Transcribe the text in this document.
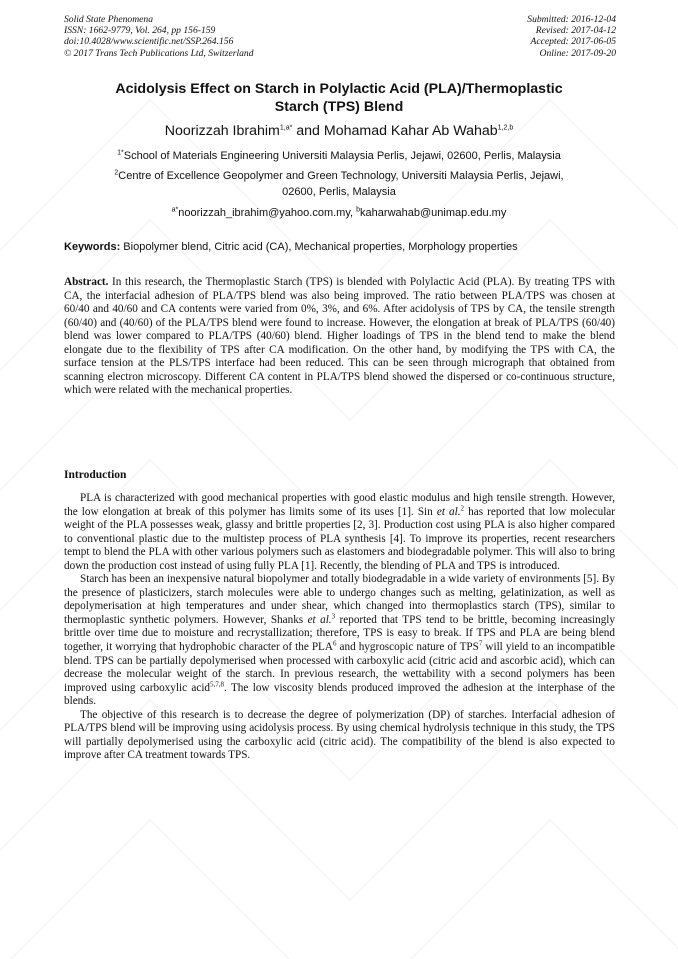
Solid State Phenomena
ISSN: 1662-9779, Vol. 264, pp 156-159
doi:10.4028/www.scientific.net/SSP.264.156
© 2017 Trans Tech Publications Ltd, Switzerland
Submitted: 2016-12-04
Revised: 2017-04-12
Accepted: 2017-06-05
Online: 2017-09-20
Acidolysis Effect on Starch in Polylactic Acid (PLA)/Thermoplastic
Starch (TPS) Blend
Noorizzah Ibrahim$^{1,a*}$ and Mohamad Kahar Ab Wahab$^{1,2,b}$
$^{1*}$School of Materials Engineering Universiti Malaysia Perlis, Jejawi, 02600, Perlis, Malaysia
$^2$Centre of Excellence Geopolymer and Green Technology, Universiti Malaysia Perlis, Jejawi,
02600, Perlis, Malaysia
$^{a*}$noorizzah_ibrahim@yahoo.com.my, $^b$kaharwahab@unimap.edu.my
Keywords: Biopolymer blend, Citric acid (CA), Mechanical properties, Morphology properties
Abstract. In this research, the Thermoplastic Starch (TPS) is blended with Polylactic Acid (PLA). By treating TPS with CA, the interfacial adhesion of PLA/TPS blend was also being improved. The ratio between PLA/TPS was chosen at 60/40 and 40/60 and CA contents were varied from 0%, 3%, and 6%. After acidolysis of TPS by CA, the tensile strength (60/40) and (40/60) of the PLA/TPS blend were found to increase. However, the elongation at break of PLA/TPS (60/40) blend was lower compared to PLA/TPS (40/60) blend. Higher loadings of TPS in the blend tend to make the blend elongate due to the flexibility of TPS after CA modification. On the other hand, by modifying the TPS with CA, the surface tension at the PLS/TPS interface had been reduced. This can be seen through micrograph that obtained from scanning electron microscopy. Different CA content in PLA/TPS blend showed the dispersed or co-continuous structure, which were related with the mechanical properties.
Introduction

PLA is characterized with good mechanical properties with good elastic modulus and high tensile strength. However, the low elongation at break of this polymer has limits some of its uses [1]. Sin et al.$^2$ has reported that low molecular weight of the PLA possesses weak, glassy and brittle properties [2, 3]. Production cost using PLA is also higher compared to conventional plastic due to the multistep process of PLA synthesis [4]. To improve its properties, recent researchers tempt to blend the PLA with other various polymers such as elastomers and biodegradable polymer. This will also to bring down the production cost instead of using fully PLA [1]. Recently, the blending of PLA and TPS is introduced.

Starch has been an inexpensive natural biopolymer and totally biodegradable in a wide variety of environments [5]. By the presence of plasticizers, starch molecules were able to undergo changes such as melting, gelatinization, as well as depolymerisation at high temperatures and under shear, which changed into thermoplastics starch (TPS), similar to thermoplastic synthetic polymers. However, Shanks et al.$^3$ reported that TPS tend to be brittle, becoming increasingly brittle over time due to moisture and recrystallization; therefore, TPS is easy to break. If TPS and PLA are being blend together, it worrying that hydrophobic character of the PLA$^6$ and hygroscopic nature of TPS$^7$ will yield to an incompatible blend. TPS can be partially depolymerised when processed with carboxylic acid (citric acid and ascorbic acid), which can decrease the molecular weight of the starch. In previous research, the wettability with a second polymers has been improved using carboxylic acid$^{5,7,8}$. The low viscosity blends produced improved the adhesion at the interphase of the blends.

The objective of this research is to decrease the degree of polymerization (DP) of starches. Interfacial adhesion of PLA/TPS blend will be improving using acidolysis process. By using chemical hydrolysis technique in this study, the TPS will partially depolymerised using the carboxylic acid (citric acid). The compatibility of the blend is also expected to improve after CA treatment towards TPS.
